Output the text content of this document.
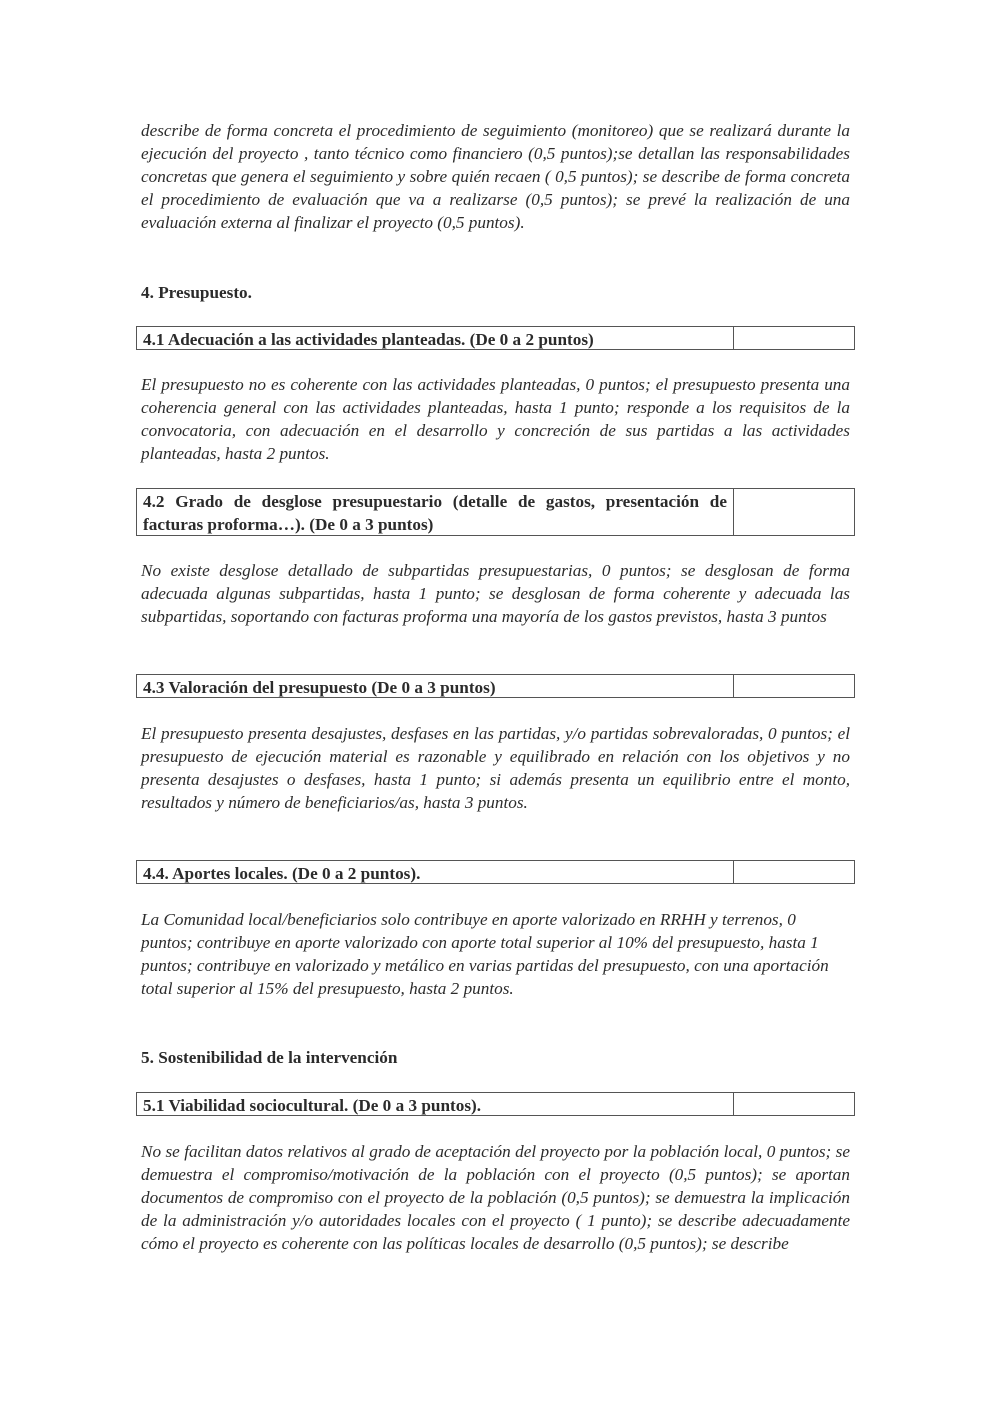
describe de forma concreta el procedimiento de seguimiento (monitoreo) que se realizará durante la ejecución del proyecto , tanto técnico como financiero (0,5 puntos);se detallan las responsabilidades concretas que genera el seguimiento y sobre quién recaen ( 0,5 puntos); se describe de forma concreta el procedimiento de evaluación que va a realizarse (0,5 puntos); se prevé la realización de una evaluación externa al finalizar el proyecto (0,5 puntos).

4. Presupuesto.

4.1 Adecuación a las actividades planteadas. (De 0 a 2 puntos)

El presupuesto no es coherente con las actividades planteadas, 0 puntos; el presupuesto presenta una coherencia general con las actividades planteadas, hasta 1 punto; responde a los requisitos de la convocatoria, con adecuación en el desarrollo y concreción de sus partidas a las actividades planteadas, hasta 2 puntos.

4.2 Grado de desglose presupuestario (detalle de gastos, presentación de facturas proforma…). (De 0 a 3 puntos)

No existe desglose detallado de subpartidas presupuestarias, 0 puntos; se desglosan de forma adecuada algunas subpartidas, hasta 1 punto; se desglosan de forma coherente y adecuada las subpartidas, soportando con facturas proforma una mayoría de los gastos previstos, hasta 3 puntos

4.3 Valoración del presupuesto (De 0 a 3 puntos)

El presupuesto presenta desajustes, desfases en las partidas, y/o partidas sobrevaloradas, 0 puntos; el presupuesto de ejecución material es razonable y equilibrado en relación con los objetivos y no presenta desajustes o desfases, hasta 1 punto; si además presenta un equilibrio entre el monto, resultados y número de beneficiarios/as, hasta 3 puntos.

4.4. Aportes locales. (De 0 a 2 puntos).

La Comunidad local/beneficiarios solo contribuye en aporte valorizado en RRHH y terrenos, 0 puntos; contribuye en aporte valorizado con aporte total superior al 10% del presupuesto, hasta 1 puntos; contribuye en valorizado y metálico en varias partidas del presupuesto, con una aportación total superior al 15% del presupuesto, hasta 2 puntos.

5. Sostenibilidad de la intervención

5.1 Viabilidad sociocultural. (De 0 a 3 puntos).

No se facilitan datos relativos al grado de aceptación del proyecto por la población local, 0 puntos; se demuestra el compromiso/motivación de la población con el proyecto (0,5 puntos); se aportan documentos de compromiso con el proyecto de la población (0,5 puntos); se demuestra la implicación de la administración y/o autoridades locales con el proyecto ( 1 punto); se describe adecuadamente cómo el proyecto es coherente con las políticas locales de desarrollo (0,5 puntos); se describe
